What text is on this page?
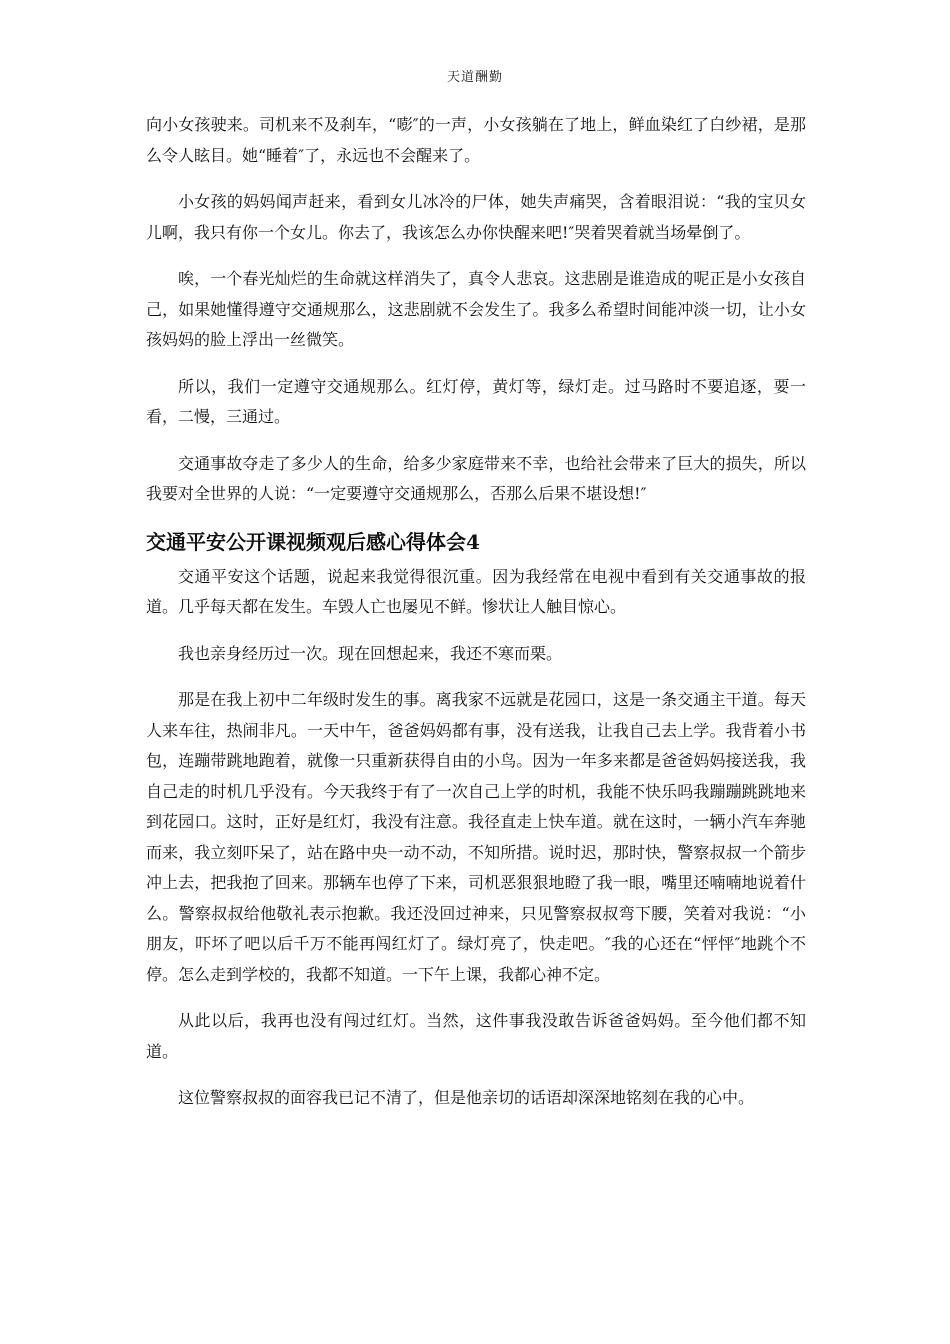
天道酬勤

向小女孩驶来。司机来不及刹车，“嘭″的一声，小女孩躺在了地上，鲜血染红了白纱裙，是那么令人眩目。她“睡着″了，永远也不会醒来了。

小女孩的妈妈闻声赶来，看到女儿冰冷的尸体，她失声痛哭，含着眼泪说：“我的宝贝女儿啊，我只有你一个女儿。你去了，我该怎么办你快醒来吧!″哭着哭着就当场晕倒了。

唉，一个春光灿烂的生命就这样消失了，真令人悲哀。这悲剧是谁造成的呢正是小女孩自己，如果她懂得遵守交通规那么，这悲剧就不会发生了。我多么希望时间能冲淡一切，让小女孩妈妈的脸上浮出一丝微笑。

所以，我们一定遵守交通规那么。红灯停，黄灯等，绿灯走。过马路时不要追逐，要一看，二慢，三通过。

交通事故夺走了多少人的生命，给多少家庭带来不幸，也给社会带来了巨大的损失，所以我要对全世界的人说：“一定要遵守交通规那么，否那么后果不堪设想!″

交通平安公开课视频观后感心得体会4

交通平安这个话题，说起来我觉得很沉重。因为我经常在电视中看到有关交通事故的报道。几乎每天都在发生。车毁人亡也屡见不鲜。惨状让人触目惊心。

我也亲身经历过一次。现在回想起来，我还不寒而栗。

那是在我上初中二年级时发生的事。离我家不远就是花园口，这是一条交通主干道。每天人来车往，热闹非凡。一天中午，爸爸妈妈都有事，没有送我，让我自己去上学。我背着小书包，连蹦带跳地跑着，就像一只重新获得自由的小鸟。因为一年多来都是爸爸妈妈接送我，我自己走的时机几乎没有。今天我终于有了一次自己上学的时机，我能不快乐吗我蹦蹦跳跳地来到花园口。这时，正好是红灯，我没有注意。我径直走上快车道。就在这时，一辆小汽车奔驰而来，我立刻吓呆了，站在路中央一动不动，不知所措。说时迟，那时快，警察叔叔一个箭步冲上去，把我抱了回来。那辆车也停了下来，司机恶狠狠地瞪了我一眼，嘴里还喃喃地说着什么。警察叔叔给他敬礼表示抱歉。我还没回过神来，只见警察叔叔弯下腰，笑着对我说：“小朋友，吓坏了吧以后千万不能再闯红灯了。绿灯亮了，快走吧。″我的心还在“怦怦″地跳个不停。怎么走到学校的，我都不知道。一下午上课，我都心神不定。

从此以后，我再也没有闯过红灯。当然，这件事我没敢告诉爸爸妈妈。至今他们都不知道。

这位警察叔叔的面容我已记不清了，但是他亲切的话语却深深地铭刻在我的心中。
